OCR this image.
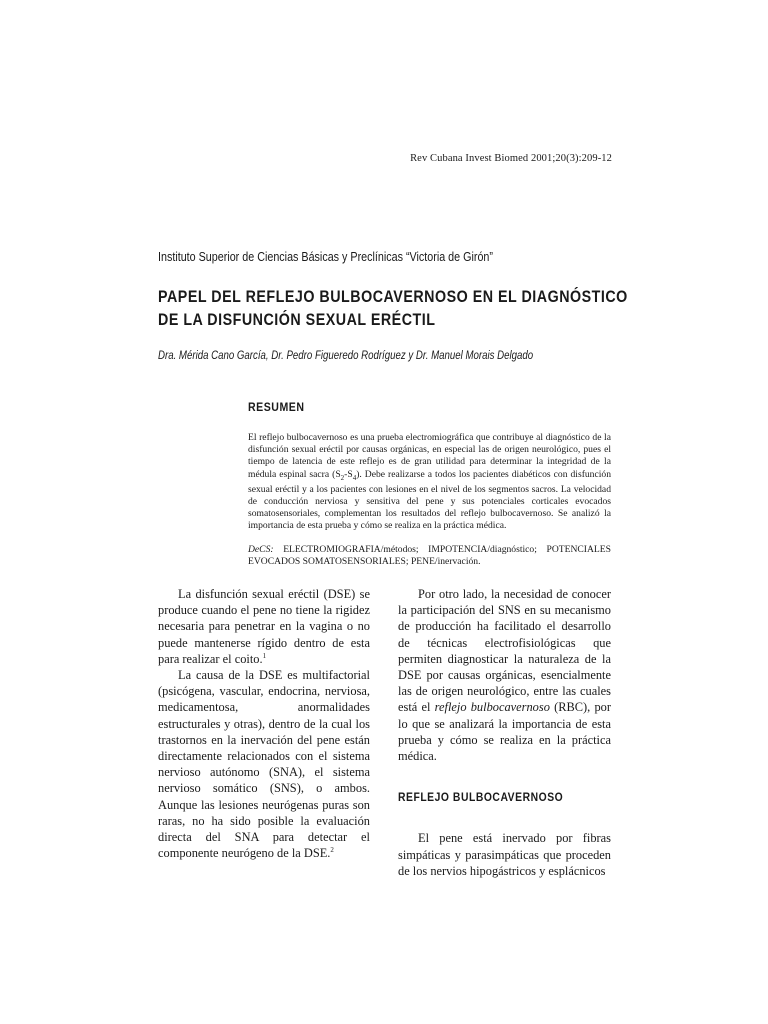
Rev Cubana Invest Biomed 2001;20(3):209-12
Instituto Superior de Ciencias Básicas y Preclínicas “Victoria de Girón”
PAPEL DEL REFLEJO BULBOCAVERNOSO EN EL DIAGNÓSTICO
DE LA DISFUNCIÓN SEXUAL ERÉCTIL
Dra. Mérida Cano García, Dr. Pedro Figueredo Rodríguez y Dr. Manuel Morais Delgado
RESUMEN

El reflejo bulbocavernoso es una prueba electromiográfica que contribuye al diagnóstico de la disfunción sexual eréctil por causas orgánicas, en especial las de origen neurológico, pues el tiempo de latencia de este reflejo es de gran utilidad para determinar la integridad de la médula espinal sacra $(S_2-S_4)$. Debe realizarse a todos los pacientes diabéticos con disfunción sexual eréctil y a los pacientes con lesiones en el nivel de los segmentos sacros. La velocidad de conducción nerviosa y sensitiva del pene y sus potenciales corticales evocados somatosensoriales, complementan los resultados del reflejo bulbocavernoso. Se analizó la importancia de esta prueba y cómo se realiza en la práctica médica.

DeCS: ELECTROMIOGRAFIA/métodos; IMPOTENCIA/diagnóstico; POTENCIALES EVOCADOS SOMATOSENSORIALES; PENE/inervación.

La disfunción sexual eréctil (DSE) se produce cuando el pene no tiene la rigidez necesaria para penetrar en la vagina o no puede mantenerse rígido dentro de esta para realizar el coito.$^1$

La causa de la DSE es multifactorial (psicógena, vascular, endocrina, nerviosa, medicamentosa, anormalidades estructurales y otras), dentro de la cual los trastornos en la inervación del pene están directamente relacionados con el sistema nervioso autónomo (SNA), el sistema nervioso somático (SNS), o ambos. Aunque las lesiones neurógenas puras son raras, no ha sido posible la evaluación directa del SNA para detectar el componente neurógeno de la DSE.$^2$

Por otro lado, la necesidad de conocer la participación del SNS en su mecanismo de producción ha facilitado el desarrollo de técnicas electrofisiológicas que permiten diagnosticar la naturaleza de la DSE por causas orgánicas, esencialmente las de origen neurológico, entre las cuales está el reflejo bulbocavernoso (RBC), por lo que se analizará la importancia de esta prueba y cómo se realiza en la práctica médica.

REFLEJO BULBOCAVERNOSO

El pene está inervado por fibras simpáticas y parasimpáticas que proceden de los nervios hipogástricos y esplácnicos
